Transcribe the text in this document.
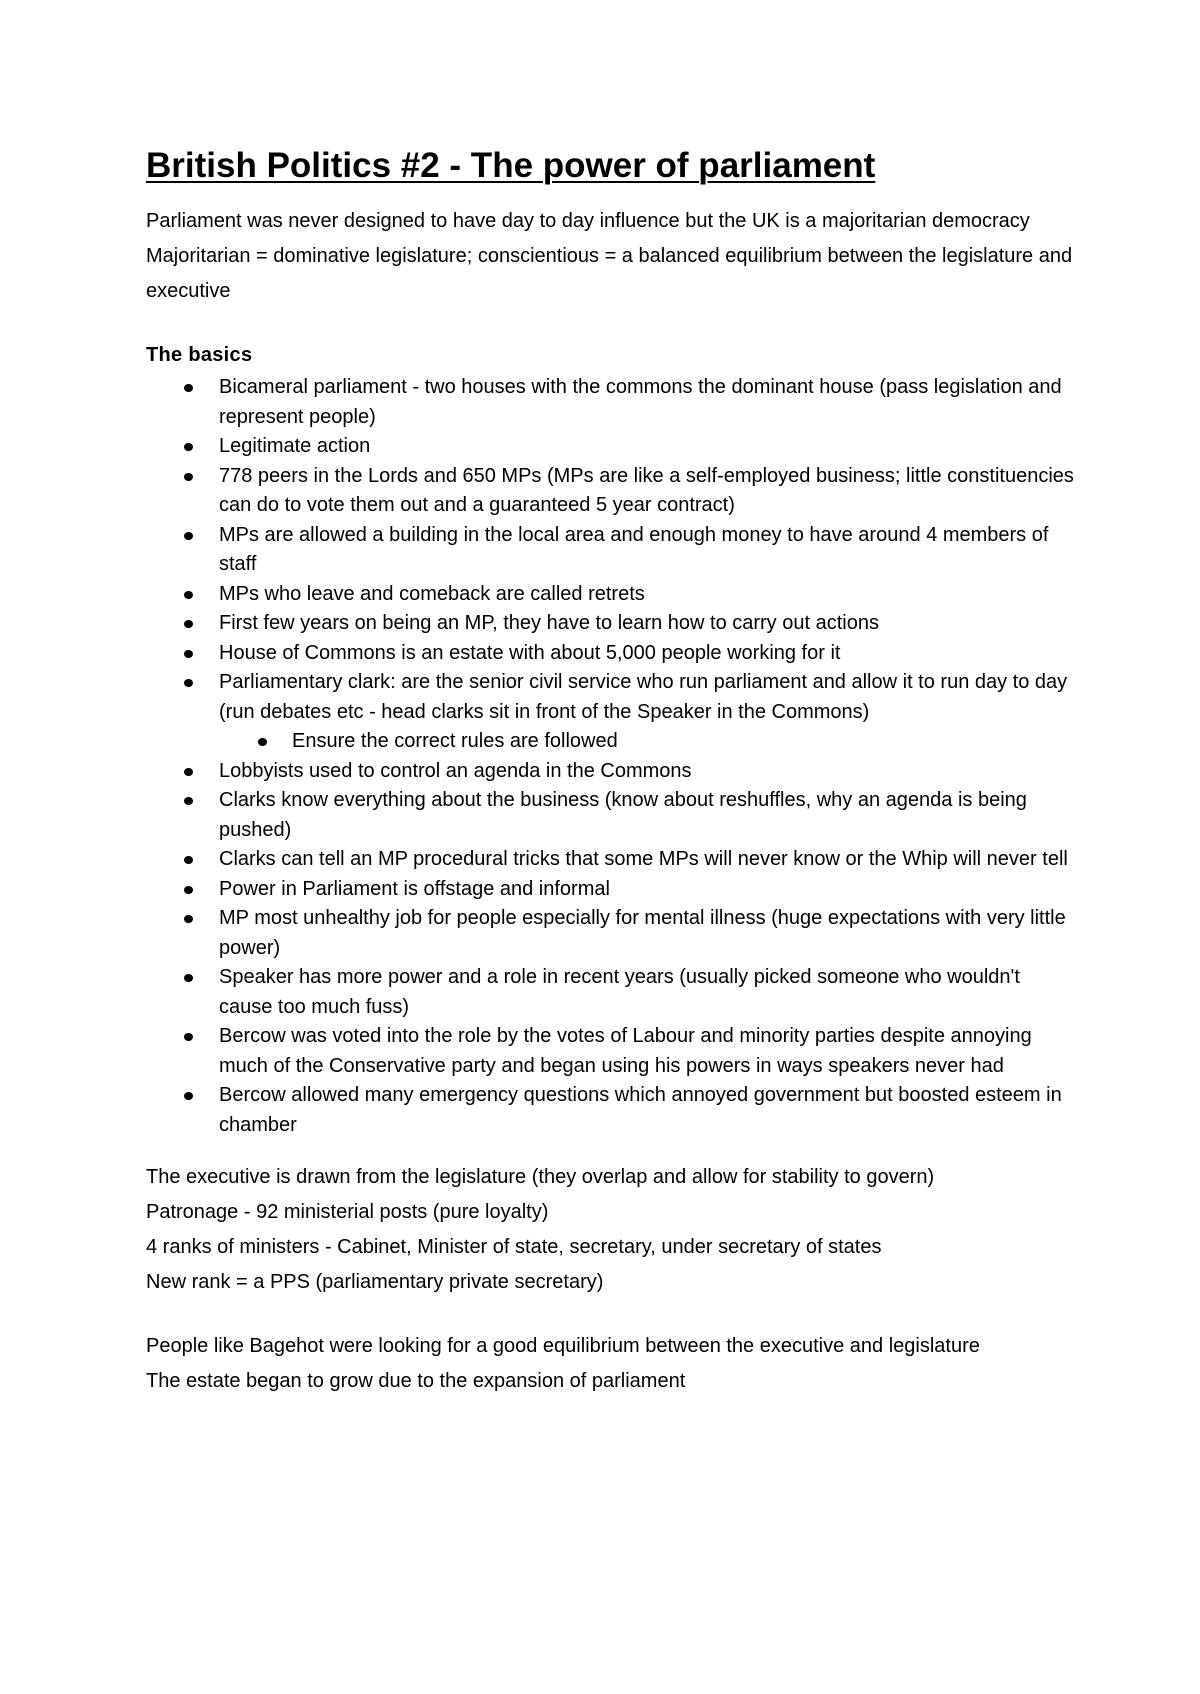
British Politics #2 - The power of parliament

Parliament was never designed to have day to day influence but the UK is a majoritarian democracy

Majoritarian = dominative legislature; conscientious = a balanced equilibrium between the legislature and executive

The basics

Bicameral parliament - two houses with the commons the dominant house (pass legislation and represent people)
Legitimate action
778 peers in the Lords and 650 MPs (MPs are like a self-employed business; little constituencies can do to vote them out and a guaranteed 5 year contract)
MPs are allowed a building in the local area and enough money to have around 4 members of staff
MPs who leave and comeback are called retrets
First few years on being an MP, they have to learn how to carry out actions
House of Commons is an estate with about 5,000 people working for it
Parliamentary clark: are the senior civil service who run parliament and allow it to run day to day (run debates etc - head clarks sit in front of the Speaker in the Commons)
Ensure the correct rules are followed
Lobbyists used to control an agenda in the Commons
Clarks know everything about the business (know about reshuffles, why an agenda is being pushed)
Clarks can tell an MP procedural tricks that some MPs will never know or the Whip will never tell
Power in Parliament is offstage and informal
MP most unhealthy job for people especially for mental illness (huge expectations with very little power)
Speaker has more power and a role in recent years (usually picked someone who wouldn't cause too much fuss)
Bercow was voted into the role by the votes of Labour and minority parties despite annoying much of the Conservative party and began using his powers in ways speakers never had
Bercow allowed many emergency questions which annoyed government but boosted esteem in chamber

The executive is drawn from the legislature (they overlap and allow for stability to govern)

Patronage - 92 ministerial posts (pure loyalty)

4 ranks of ministers - Cabinet, Minister of state, secretary, under secretary of states

New rank = a PPS (parliamentary private secretary)

People like Bagehot were looking for a good equilibrium between the executive and legislature

The estate began to grow due to the expansion of parliament
